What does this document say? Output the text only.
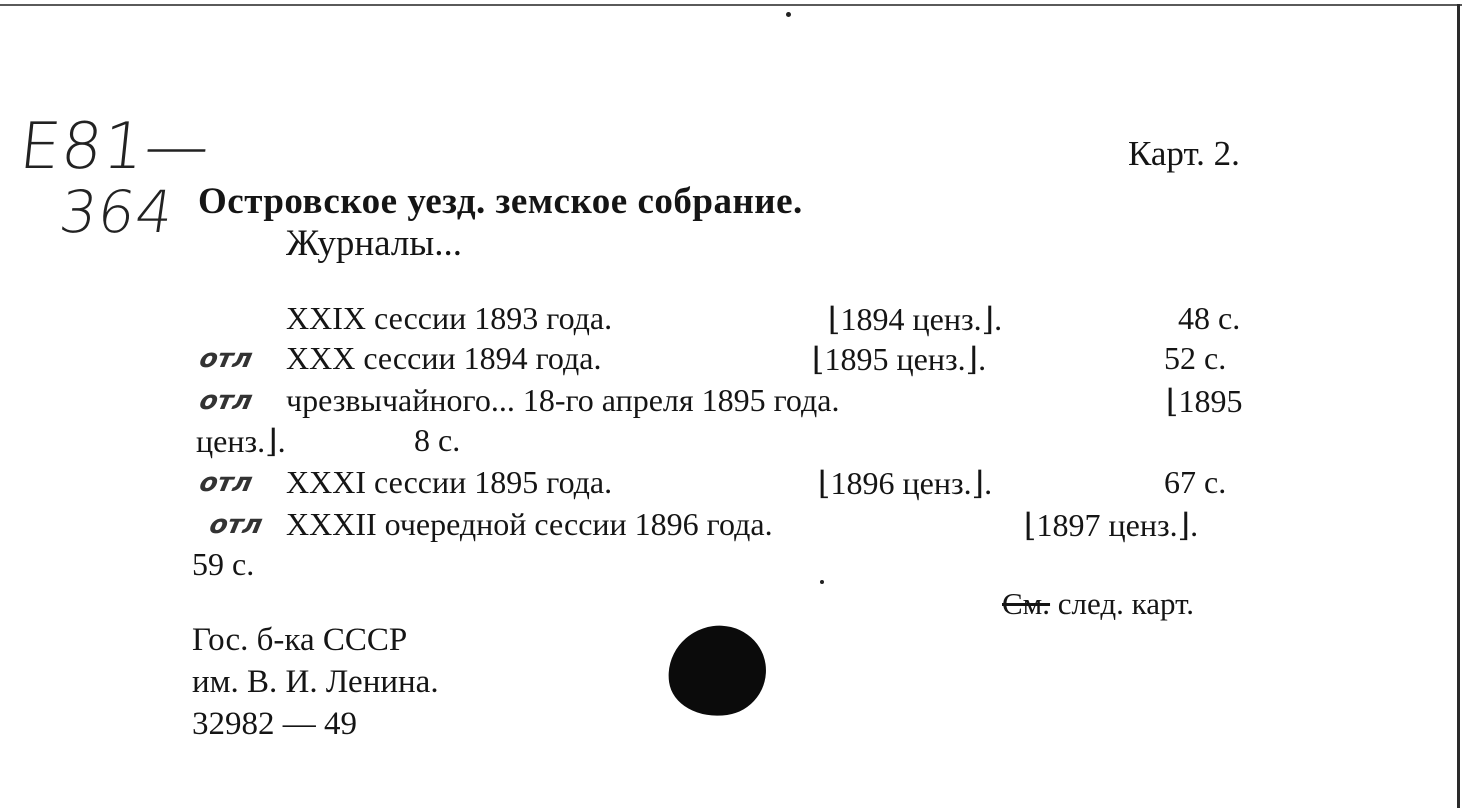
E81—
364
Карт. 2.
Островское уезд. земское собрание.
Журналы...
XXIX сессии 1893 года.	⌊1894 ценз.⌋.	48 с.
отл XXX сессии 1894 года.	⌊1895 ценз.⌋.	52 с.
отл чрезвычайного... 18-го апреля 1895 года.	⌊1895
ценз.⌋.	8 с.
отл XXXI сессии 1895 года.	⌊1896 ценз.⌋.	67 с.
отл XXXII очередной сессии 1896 года.	⌊1897 ценз.⌋.
59 с.
См. след. карт.
Гос. б-ка СССР
им. В. И. Ленина.
32982 — 49
